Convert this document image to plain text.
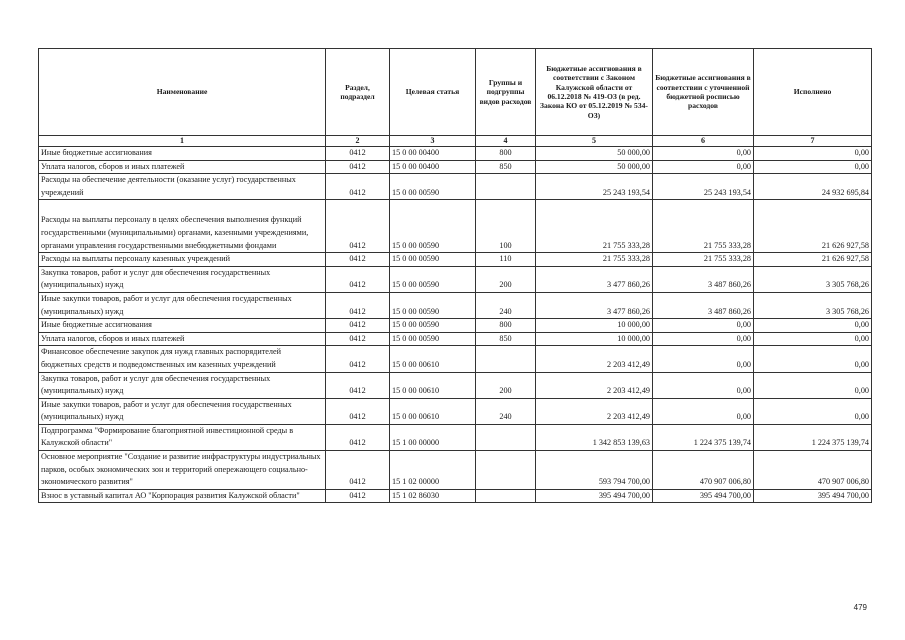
Наименование	Раздел, подраздел	Целевая статья	Группы и подгруппы видов расходов	Бюджетные ассигнования в соответствии с Законом Калужской области от 06.12.2018 № 419-ОЗ (в ред. Закона КО от 05.12.2019 № 534-ОЗ)	Бюджетные ассигнования в соответствии с уточненной бюджетной росписью расходов	Исполнено
1	2	3	4	5	6	7
Иные бюджетные ассигнования	0412	15 0 00 00400	800	50 000,00	0,00	0,00
Уплата налогов, сборов и иных платежей	0412	15 0 00 00400	850	50 000,00	0,00	0,00
Расходы на обеспечение деятельности (оказание услуг) государственных учреждений	0412	15 0 00 00590		25 243 193,54	25 243 193,54	24 932 695,84
Расходы на выплаты персоналу в целях обеспечения выполнения функций государственными (муниципальными) органами, казенными учреждениями, органами управления государственными внебюджетными фондами	0412	15 0 00 00590	100	21 755 333,28	21 755 333,28	21 626 927,58
Расходы на выплаты персоналу казенных учреждений	0412	15 0 00 00590	110	21 755 333,28	21 755 333,28	21 626 927,58
Закупка товаров, работ и услуг для обеспечения государственных (муниципальных) нужд	0412	15 0 00 00590	200	3 477 860,26	3 487 860,26	3 305 768,26
Иные закупки товаров, работ и услуг для обеспечения государственных (муниципальных) нужд	0412	15 0 00 00590	240	3 477 860,26	3 487 860,26	3 305 768,26
Иные бюджетные ассигнования	0412	15 0 00 00590	800	10 000,00	0,00	0,00
Уплата налогов, сборов и иных платежей	0412	15 0 00 00590	850	10 000,00	0,00	0,00
Финансовое обеспечение закупок для нужд главных распорядителей бюджетных средств и подведомственных им казенных учреждений	0412	15 0 00 00610		2 203 412,49	0,00	0,00
Закупка товаров, работ и услуг для обеспечения государственных (муниципальных) нужд	0412	15 0 00 00610	200	2 203 412,49	0,00	0,00
Иные закупки товаров, работ и услуг для обеспечения государственных (муниципальных) нужд	0412	15 0 00 00610	240	2 203 412,49	0,00	0,00
Подпрограмма "Формирование благоприятной инвестиционной среды в Калужской области"	0412	15 1 00 00000		1 342 853 139,63	1 224 375 139,74	1 224 375 139,74
Основное мероприятие "Создание и развитие инфраструктуры индустриальных парков, особых экономических зон и территорий опережающего социально-экономического развития"	0412	15 1 02 00000		593 794 700,00	470 907 006,80	470 907 006,80
Взнос в уставный капитал АО "Корпорация развития Калужской области"	0412	15 1 02 86030		395 494 700,00	395 494 700,00	395 494 700,00
479
